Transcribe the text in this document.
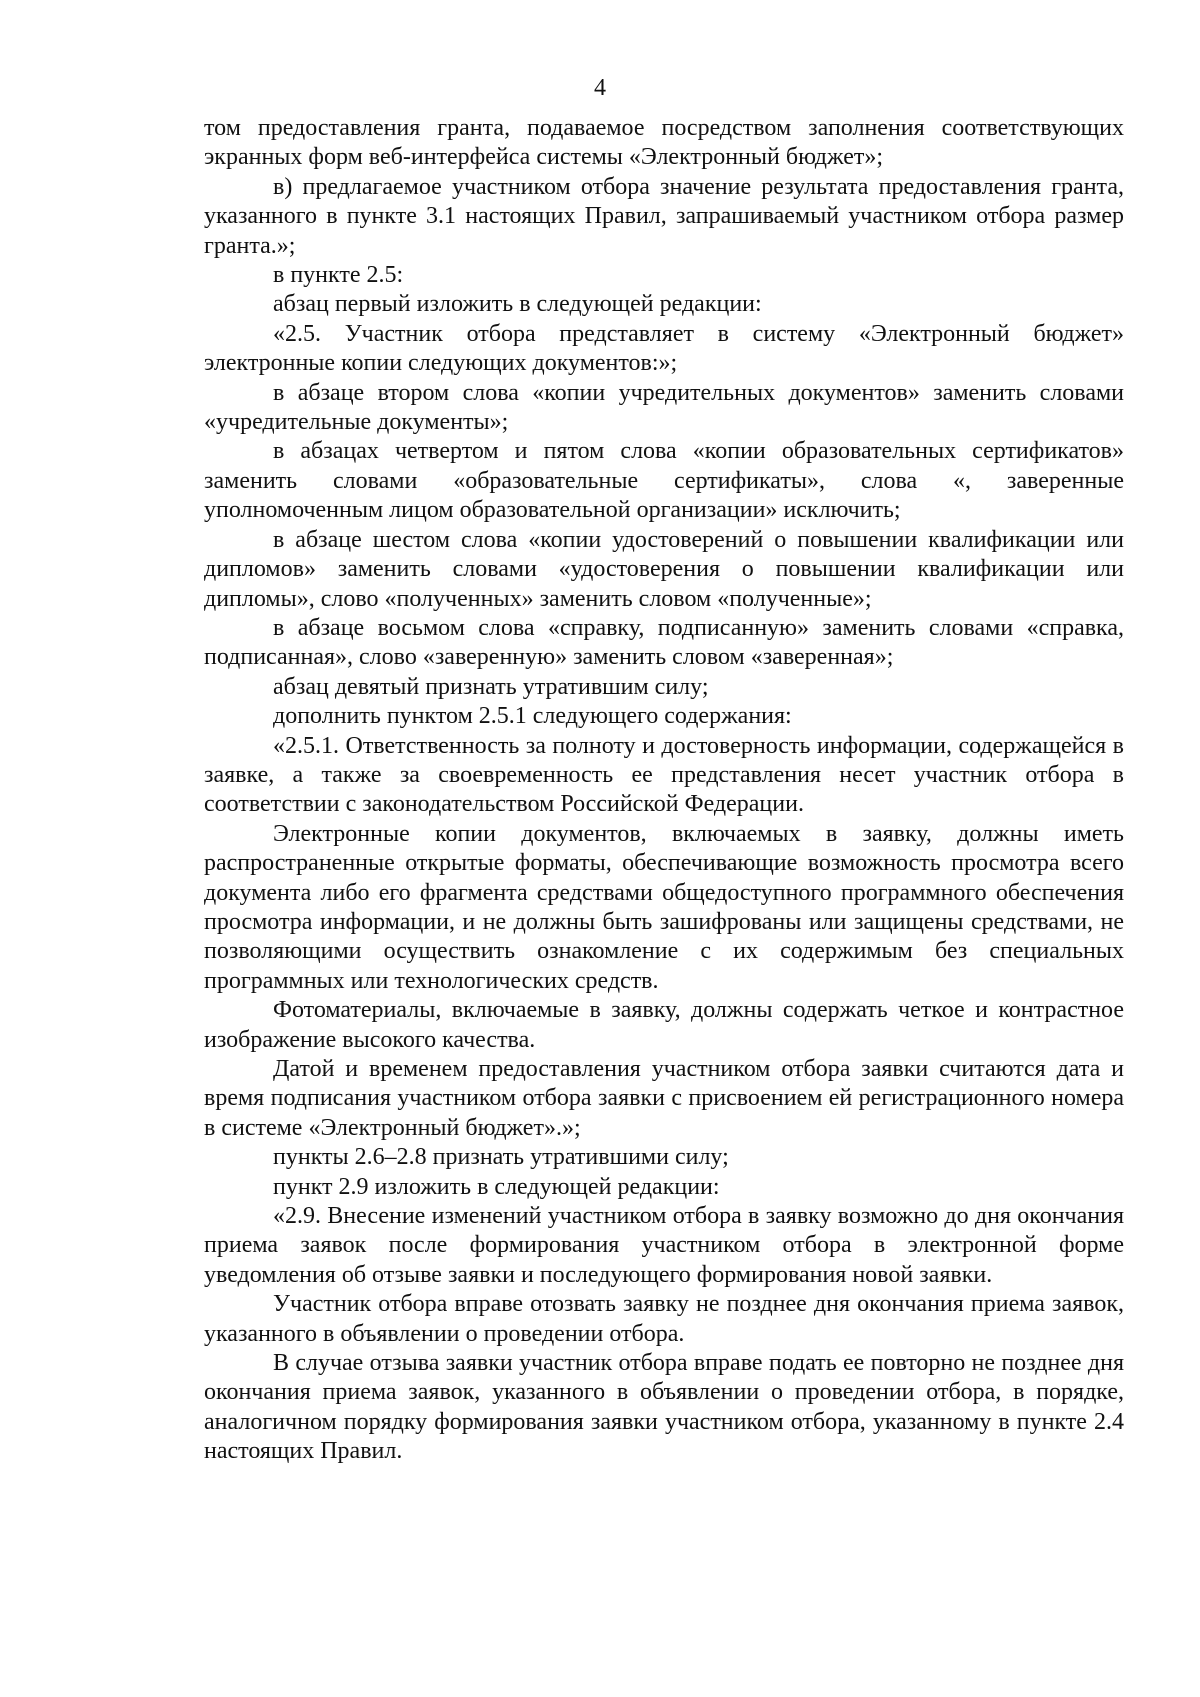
4

том предоставления гранта, подаваемое посредством заполнения соответствующих экранных форм веб-интерфейса системы «Электронный бюджет»;

в) предлагаемое участником отбора значение результата предоставления гранта, указанного в пункте 3.1 настоящих Правил, запрашиваемый участником отбора размер гранта.»;

в пункте 2.5:

абзац первый изложить в следующей редакции:

«2.5. Участник отбора представляет в систему «Электронный бюджет» электронные копии следующих документов:»;

в абзаце втором слова «копии учредительных документов» заменить словами «учредительные документы»;

в абзацах четвертом и пятом слова «копии образовательных сертификатов» заменить словами «образовательные сертификаты», слова «, заверенные уполномоченным лицом образовательной организации» исключить;

в абзаце шестом слова «копии удостоверений о повышении квалификации или дипломов» заменить словами «удостоверения о повышении квалификации или дипломы», слово «полученных» заменить словом «полученные»;

в абзаце восьмом слова «справку, подписанную» заменить словами «справка, подписанная», слово «заверенную» заменить словом «заверенная»;

абзац девятый признать утратившим силу;

дополнить пунктом 2.5.1 следующего содержания:

«2.5.1. Ответственность за полноту и достоверность информации, содержащейся в заявке, а также за своевременность ее представления несет участник отбора в соответствии с законодательством Российской Федерации.

Электронные копии документов, включаемых в заявку, должны иметь распространенные открытые форматы, обеспечивающие возможность просмотра всего документа либо его фрагмента средствами общедоступного программного обеспечения просмотра информации, и не должны быть зашифрованы или защищены средствами, не позволяющими осуществить ознакомление с их содержимым без специальных программных или технологических средств.

Фотоматериалы, включаемые в заявку, должны содержать четкое и контрастное изображение высокого качества.

Датой и временем предоставления участником отбора заявки считаются дата и время подписания участником отбора заявки с присвоением ей регистрационного номера в системе «Электронный бюджет».»;

пункты 2.6–2.8 признать утратившими силу;

пункт 2.9 изложить в следующей редакции:

«2.9. Внесение изменений участником отбора в заявку возможно до дня окончания приема заявок после формирования участником отбора в электронной форме уведомления об отзыве заявки и последующего формирования новой заявки.

Участник отбора вправе отозвать заявку не позднее дня окончания приема заявок, указанного в объявлении о проведении отбора.

В случае отзыва заявки участник отбора вправе подать ее повторно не позднее дня окончания приема заявок, указанного в объявлении о проведении отбора, в порядке, аналогичном порядку формирования заявки участником отбора, указанному в пункте 2.4 настоящих Правил.
